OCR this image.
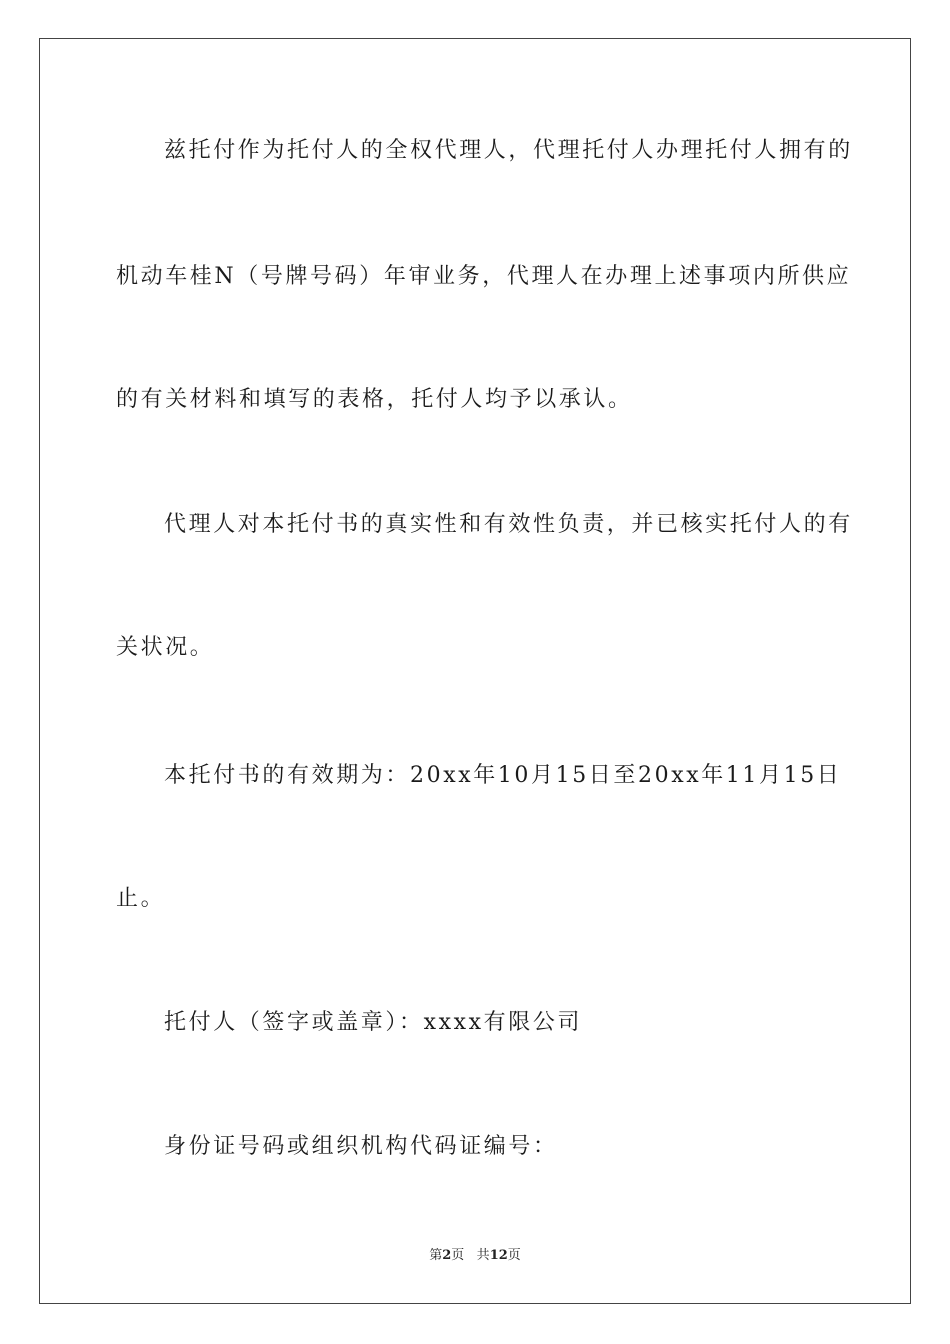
兹托付作为托付人的全权代理人，代理托付人办理托付人拥有的
机动车桂N（号牌号码）年审业务，代理人在办理上述事项内所供应
的有关材料和填写的表格，托付人均予以承认。
代理人对本托付书的真实性和有效性负责，并已核实托付人的有
关状况。
本托付书的有效期为：20xx年10月15日至20xx年11月15日
止。
托付人（签字或盖章）：xxxx有限公司
身份证号码或组织机构代码证编号：
第2页 共12页
